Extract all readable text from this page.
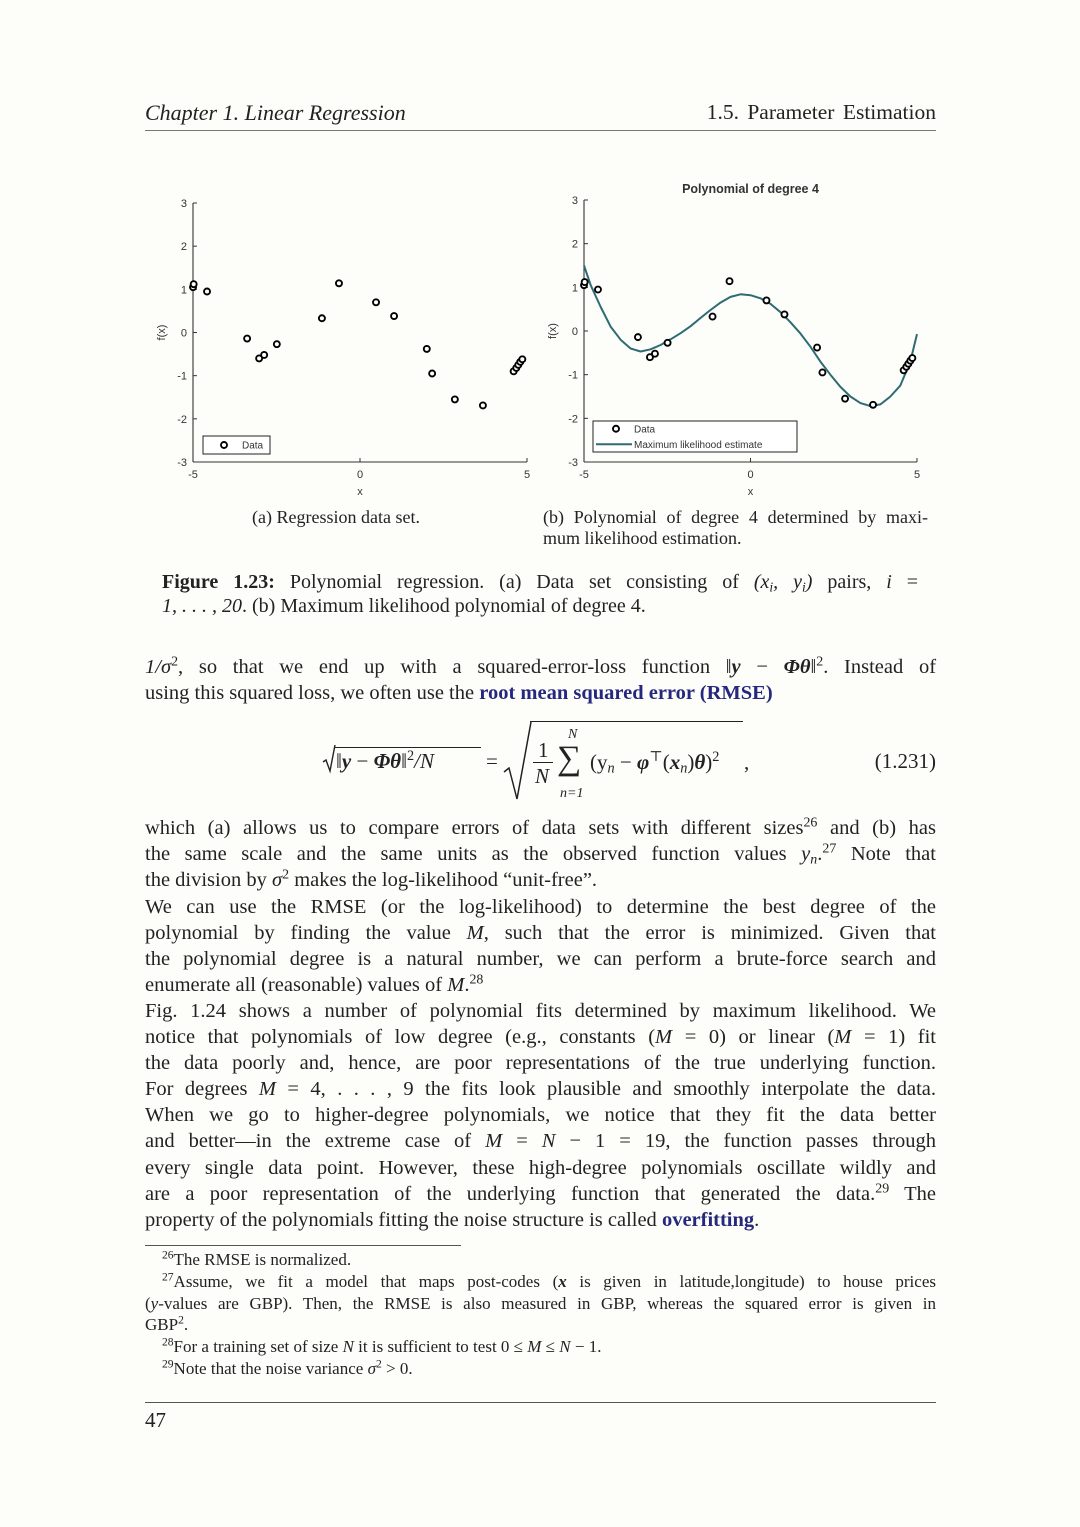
Chapter 1. Linear Regression	1.5. Parameter Estimation
-3
-2
-1
0
1
2
3
-5	0	5
x
f(x)
Data
Polynomial of degree 4
-3
-2
-1
0
1
2
3
-5	0	5
x
f(x)
Data
Maximum likelihood estimate
(a) Regression data set.	(b) Polynomial of degree 4 determined by maxi-
mum likelihood estimation.
Figure 1.23: Polynomial regression. (a) Data set consisting of (xi, yi) pairs, i =
1, . . . , 20. (b) Maximum likelihood polynomial of degree 4.
$1/\sigma^2$, so that we end up with a squared-error-loss function ‖y − Φθ‖$^2$. Instead of
using this squared loss, we often use the root mean squared error (RMSE)
‖y − Φθ‖$^2$/N = 1
N ∑
N
n=1
(yn − φ⊤(xn)θ)$^2$ ,	(1.231)
which (a) allows us to compare errors of data sets with different sizes$^{26}$ and (b) has
the same scale and the same units as the observed function values yn.$^{27}$ Note that
the division by $\sigma^2$ makes the log-likelihood “unit-free”.
We can use the RMSE (or the log-likelihood) to determine the best degree of the
polynomial by finding the value M, such that the error is minimized. Given that
the polynomial degree is a natural number, we can perform a brute-force search and
enumerate all (reasonable) values of M.$^{28}$
Fig. 1.24 shows a number of polynomial fits determined by maximum likelihood. We
notice that polynomials of low degree (e.g., constants (M = 0) or linear (M = 1) fit
the data poorly and, hence, are poor representations of the true underlying function.
For degrees M = 4, . . . , 9 the fits look plausible and smoothly interpolate the data.
When we go to higher-degree polynomials, we notice that they fit the data better
and better—in the extreme case of M = N − 1 = 19, the function passes through
every single data point. However, these high-degree polynomials oscillate wildly and
are a poor representation of the underlying function that generated the data.$^{29}$ The
property of the polynomials fitting the noise structure is called overfitting.
$^{26}$The RMSE is normalized.
$^{27}$Assume, we fit a model that maps post-codes (x is given in latitude,longitude) to house prices
(y-values are GBP). Then, the RMSE is also measured in GBP, whereas the squared error is given in
GBP$^2$.
$^{28}$For a training set of size N it is sufficient to test 0 ≤ M ≤ N − 1.
$^{29}$Note that the noise variance $\sigma^2 > 0$.
47
